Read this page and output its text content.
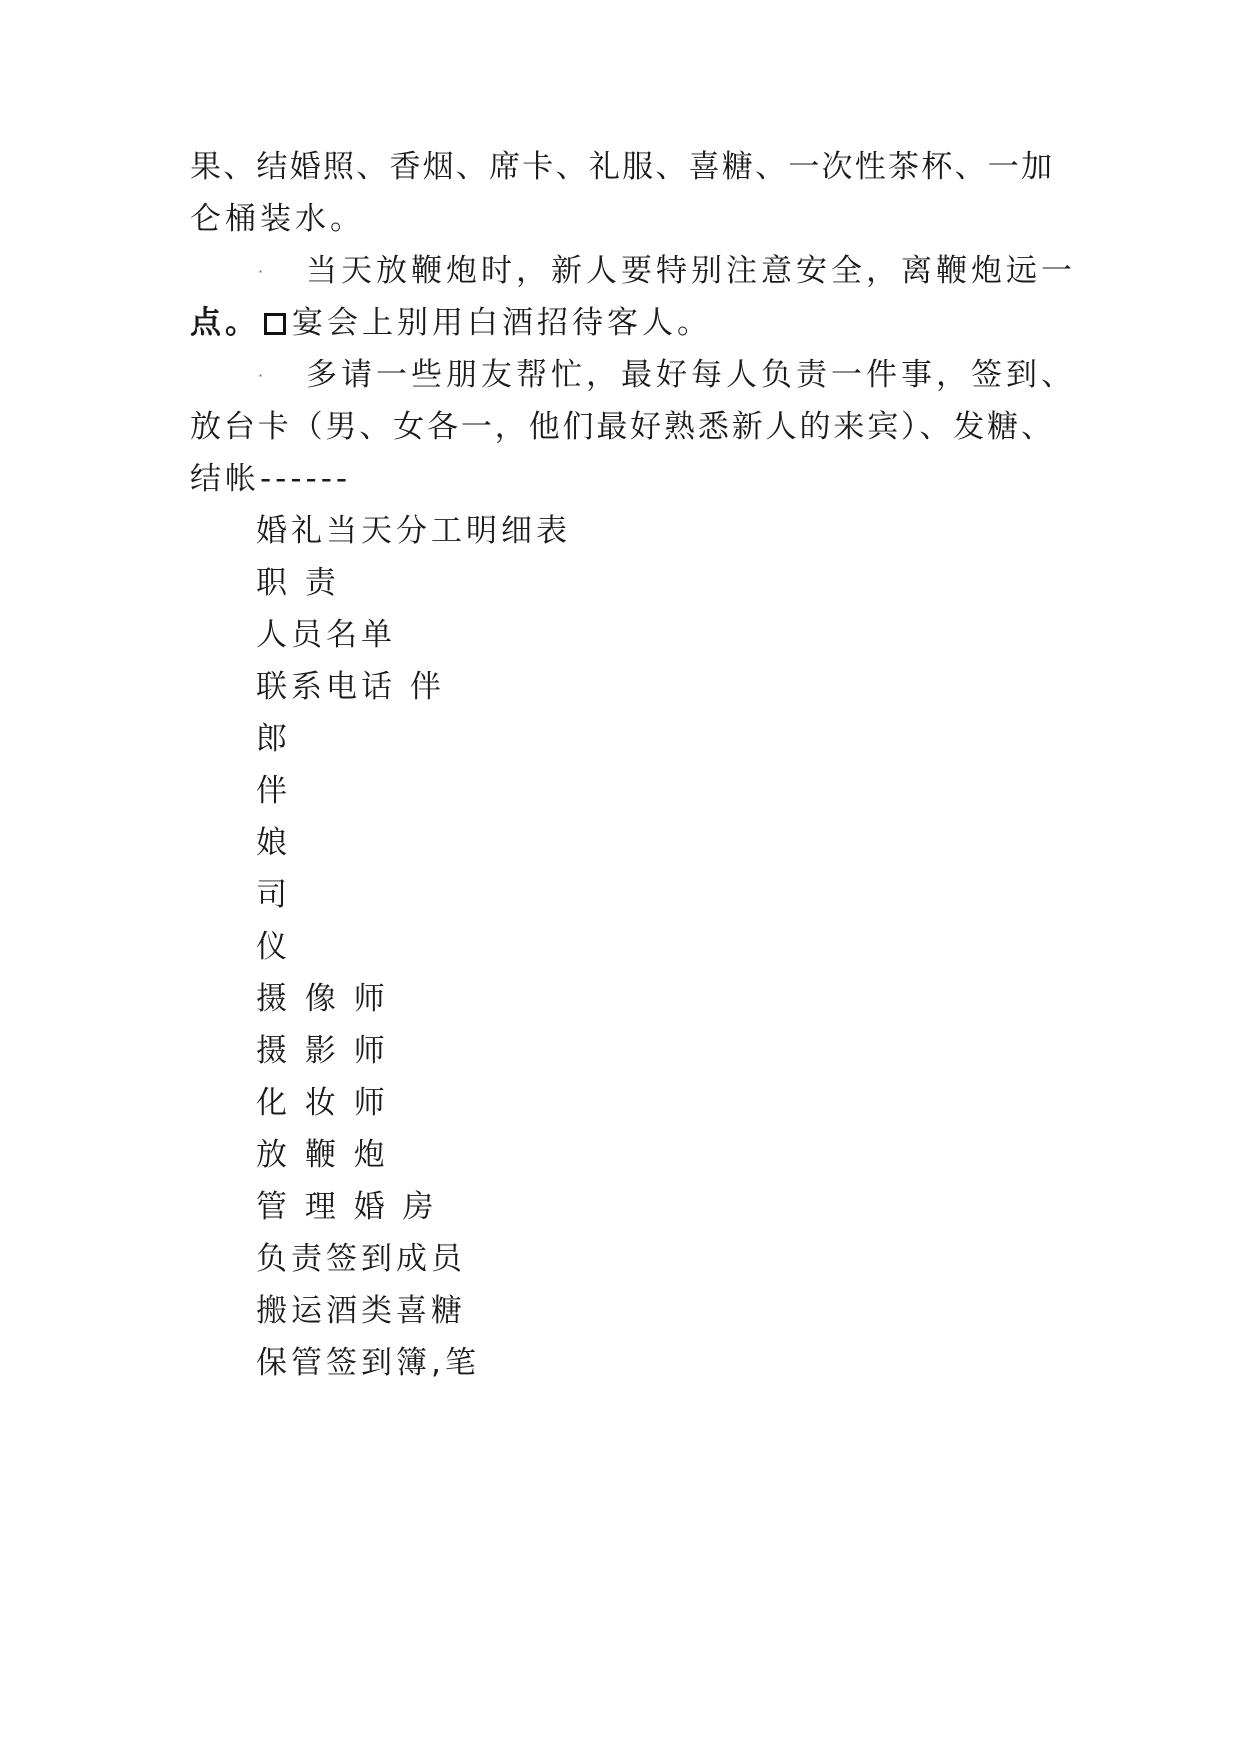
果、结婚照、香烟、席卡、礼服、喜糖、一次性茶杯、一加
仑桶装水。
· 当天放鞭炮时，新人要特别注意安全，离鞭炮远一
点。 宴会上别用白酒招待客人。
· 多请一些朋友帮忙，最好每人负责一件事，签到、
放台卡（男、女各一，他们最好熟悉新人的来宾）、发糖、
结帐------
婚礼当天分工明细表
职 责
人员名单
联系电话 伴
郎
伴
娘
司
仪
摄 像 师
摄 影 师
化 妆 师
放 鞭 炮
管 理 婚 房
负责签到成员
搬运酒类喜糖
保管签到簿,笔
